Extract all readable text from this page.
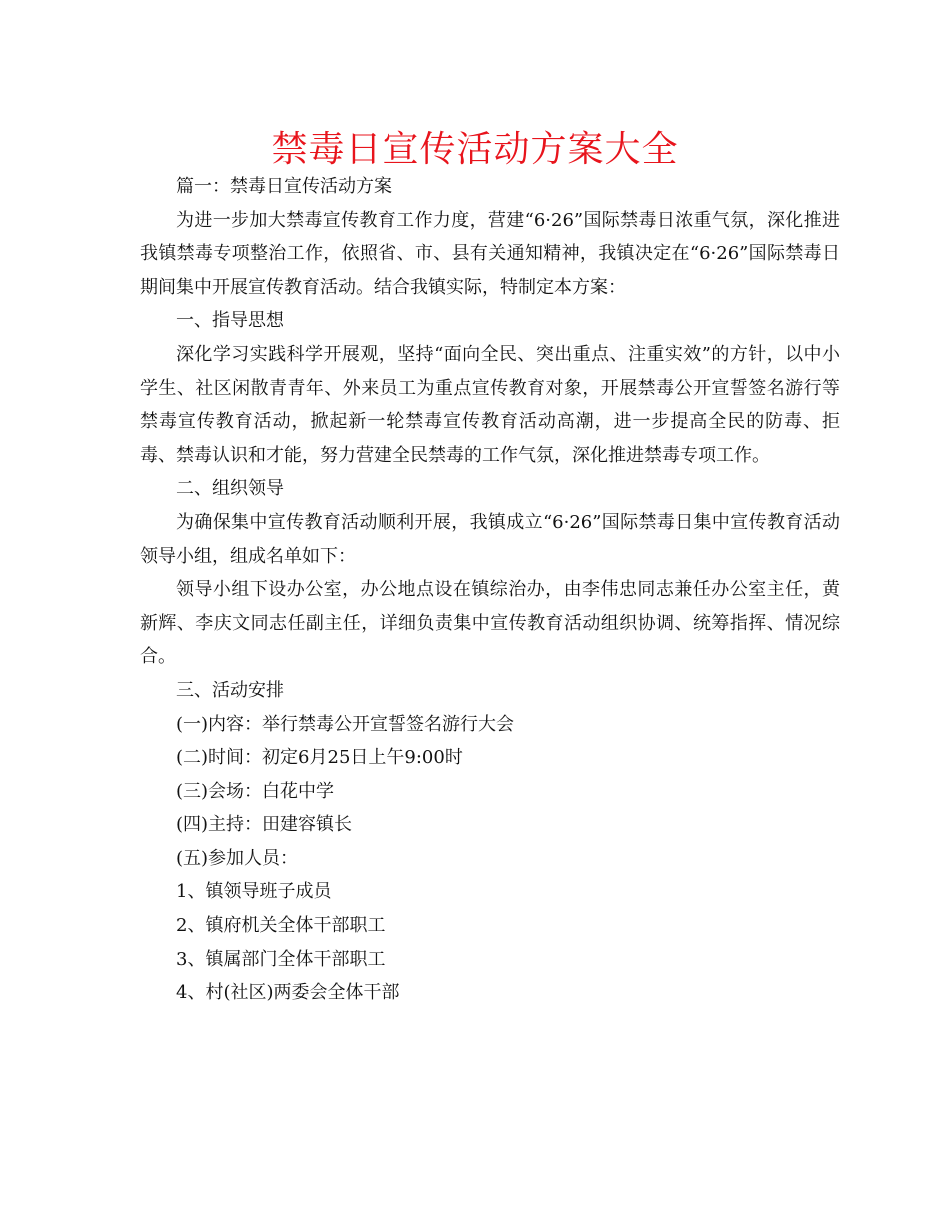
禁毒日宣传活动方案大全

篇一：禁毒日宣传活动方案

为进一步加大禁毒宣传教育工作力度，营建“6·26”国际禁毒日浓重气氛，深化推进我镇禁毒专项整治工作，依照省、市、县有关通知精神，我镇决定在“6·26”国际禁毒日期间集中开展宣传教育活动。结合我镇实际，特制定本方案：

一、指导思想

深化学习实践科学开展观，坚持“面向全民、突出重点、注重实效”的方针，以中小学生、社区闲散青青年、外来员工为重点宣传教育对象，开展禁毒公开宣誓签名游行等禁毒宣传教育活动，掀起新一轮禁毒宣传教育活动高潮，进一步提高全民的防毒、拒毒、禁毒认识和才能，努力营建全民禁毒的工作气氛，深化推进禁毒专项工作。

二、组织领导

为确保集中宣传教育活动顺利开展，我镇成立“6·26”国际禁毒日集中宣传教育活动领导小组，组成名单如下：

领导小组下设办公室，办公地点设在镇综治办，由李伟忠同志兼任办公室主任，黄新辉、李庆文同志任副主任，详细负责集中宣传教育活动组织协调、统筹指挥、情况综合。

三、活动安排

(一)内容：举行禁毒公开宣誓签名游行大会

(二)时间：初定6月25日上午9:00时

(三)会场：白花中学

(四)主持：田建容镇长

(五)参加人员：

1、镇领导班子成员

2、镇府机关全体干部职工

3、镇属部门全体干部职工

4、村(社区)两委会全体干部
